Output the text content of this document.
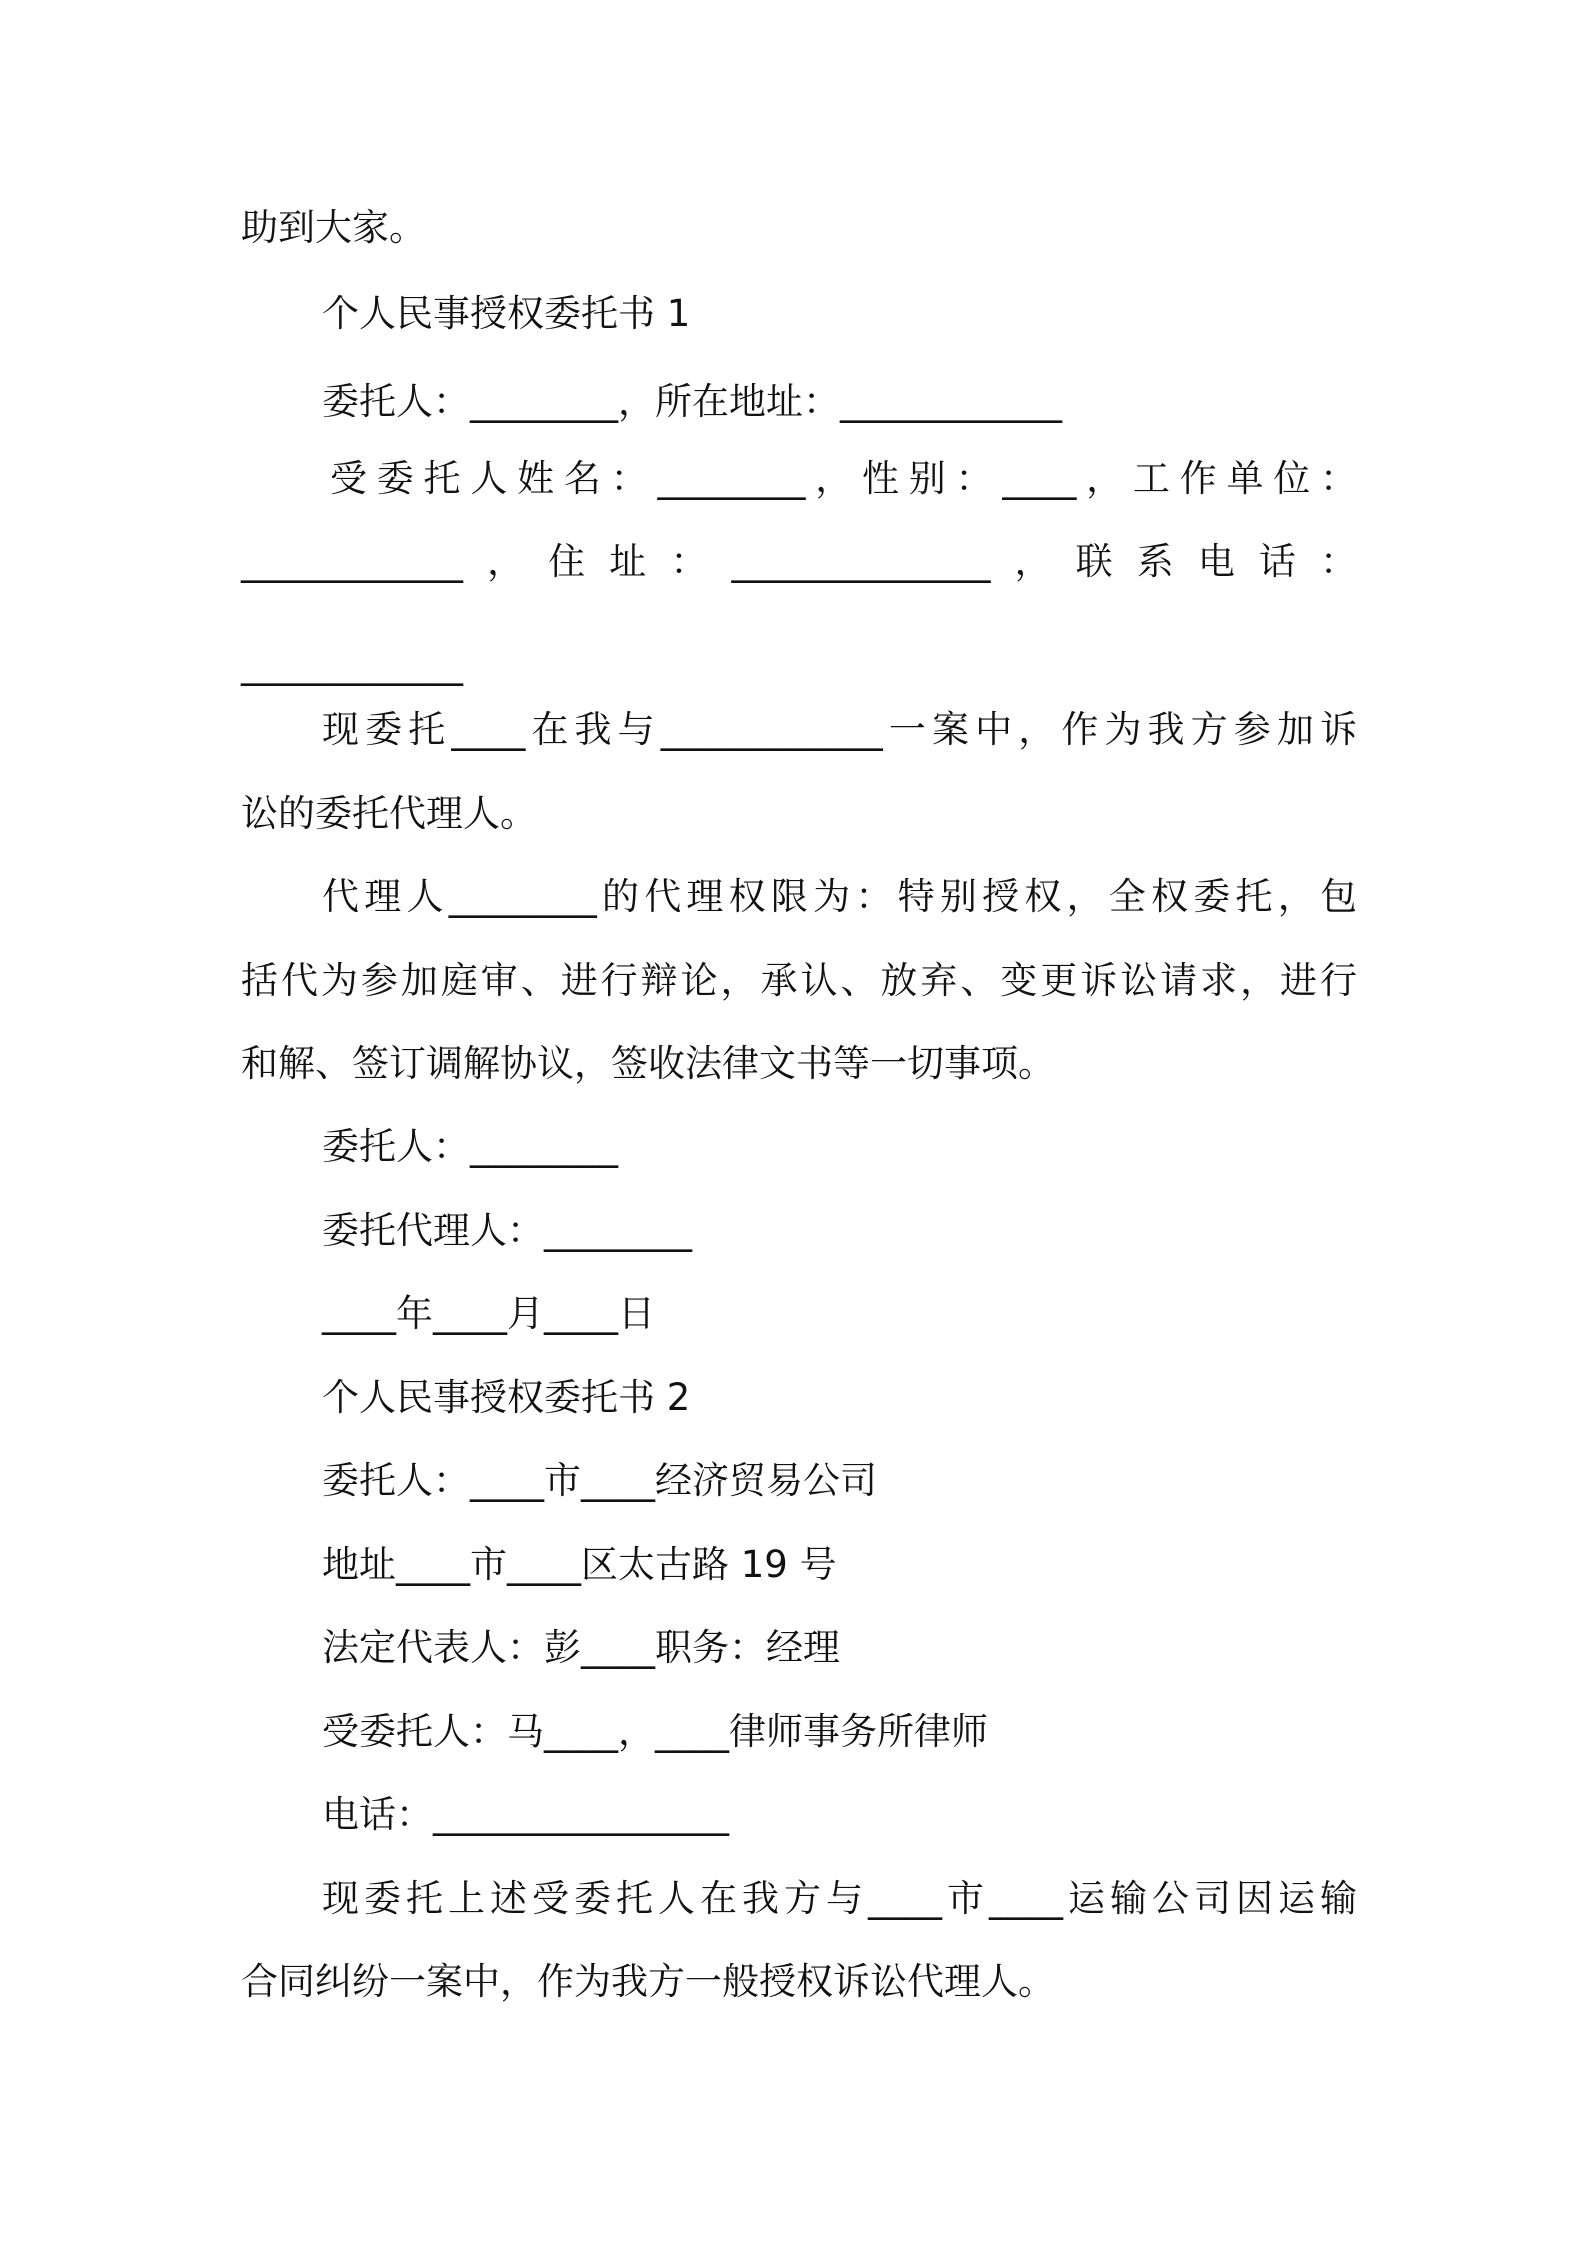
助到大家。
个人民事授权委托书 1
委托人：________，所在地址：____________
受委托人姓名：________，性别：____，工作单位：
____________，住址：______________，联系电话：
____________
现委托____在我与____________一案中，作为我方参加诉
讼的委托代理人。
代理人________的代理权限为：特别授权，全权委托，包
括代为参加庭审、进行辩论，承认、放弃、变更诉讼请求，进行
和解、签订调解协议，签收法律文书等一切事项。
委托人：________
委托代理人：________
____年____月____日
个人民事授权委托书 2
委托人：____市____经济贸易公司
地址____市____区太古路 19 号
法定代表人：彭____职务：经理
受委托人：马____，____律师事务所律师
电话：________________
现委托上述受委托人在我方与____市____运输公司因运输
合同纠纷一案中，作为我方一般授权诉讼代理人。
